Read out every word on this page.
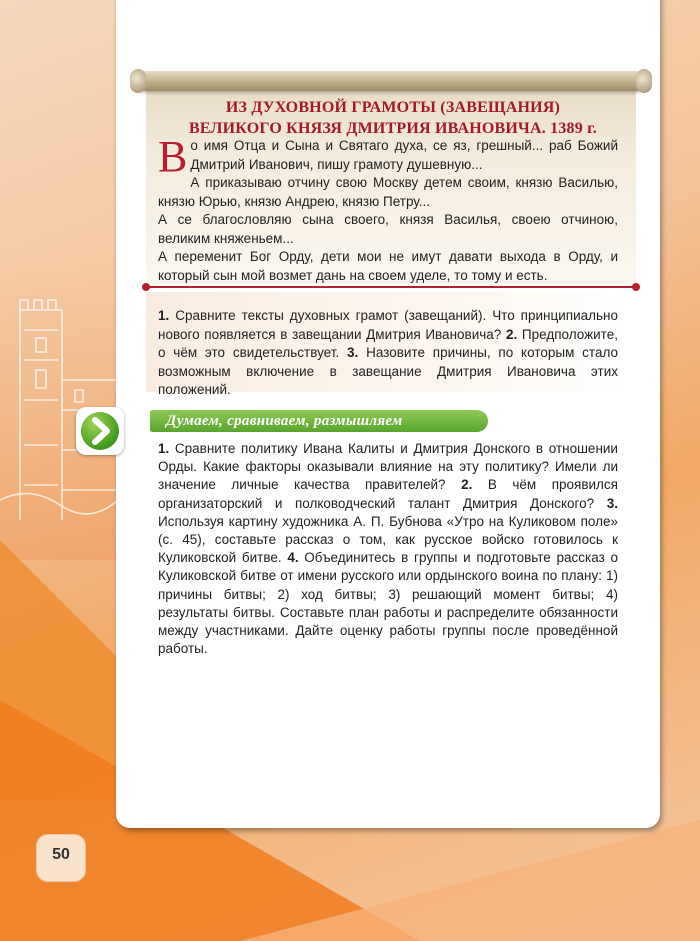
ИЗ ДУХОВНОЙ ГРАМОТЫ (ЗАВЕЩАНИЯ)
ВЕЛИКОГО КНЯЗЯ ДМИТРИЯ ИВАНОВИЧА. 1389 г.

Во имя Отца и Сына и Святаго духа, се яз, грешный... раб Божий Дмитрий Иванович, пишу грамоту душевную...

А приказываю отчину свою Москву детем своим, князю Василью, князю Юрью, князю Андрею, князю Петру...

А се благословляю сына своего, князя Василья, своею отчиною, великим княженьем...

А переменит Бог Орду, дети мои не имут давати выхода в Орду, и который сын мой возмет дань на своем уделе, то тому и есть.

1. Сравните тексты духовных грамот (завещаний). Что принципиально нового появляется в завещании Дмитрия Ивановича? 2. Предположите, о чём это свидетельствует. 3. Назовите причины, по которым стало возможным включение в завещание Дмитрия Ивановича этих положений.
Думаем, сравниваем, размышляем
1. Сравните политику Ивана Калиты и Дмитрия Донского в отношении Орды. Какие факторы оказывали влияние на эту политику? Имели ли значение личные качества правителей? 2. В чём проявился организаторский и полководческий талант Дмитрия Донского? 3. Используя картину художника А. П. Бубнова «Утро на Куликовом поле» (с. 45), составьте рассказ о том, как русское войско готовилось к Куликовской битве. 4. Объединитесь в группы и подготовьте рассказ о Куликовской битве от имени русского или ордынского воина по плану: 1) причины битвы; 2) ход битвы; 3) решающий момент битвы; 4) результаты битвы. Составьте план работы и распределите обязанности между участниками. Дайте оценку работы группы после проведённой работы.
50
